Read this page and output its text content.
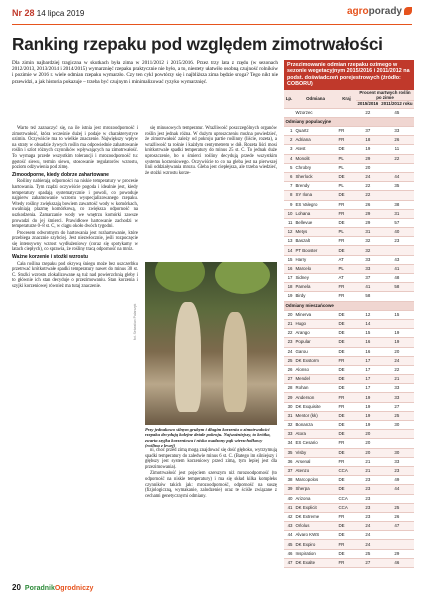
Nr 28 14 lipca 2019	agroporady
Ranking rzepaku pod względem zimotrwałości
Dla zimin najbardziej tragiczna w skutkach była zima w 2011/2012 i 2015/2016. Przez trzy lata z rzędu (w sezonach 2012/2013, 2013/2014 i 2014/2015) wymarznięć rzepaku praktycznie nie było, a to, niestety ułatwiło osobną czujność rolników i pozimie w 2016 r. wiele odmian rzepaku wymarzło. Czy ten cykl powtórzy się i najbliższa zima będzie sroga? Tego nikt nie przewidzi, a jak historia pokazuje – trzeba być czujnym i minimalizować ryzyko wymarznięć.

Warto też zaznaczyć się, na ile istnia jest mrozoodporność i zimotrwałość, która wcześnie dużej i podaje w charakterystyce ozimin. Oczywiście ma to wielkie znaczenie. Największy wpływ na straty w obsadzie żywych roślin ma odpowiednie zahartowanie roślin i szlot różnych czynników wpływających na zimotrwałość. To wymaga przede wszystkim tolerancji i mrozoodporność tu: gęstość siewu, termin siewu, stosowanie regulatorów wzrostu, poziom odżywienia pod zimę.

Zimoodporne, kiedy dobrze zahartowane

Rośliny nabierają odporności na niskie temperatury w procesie hartowania. Tym rządzi oczywiście pogoda i idealnie jest, kiedy temperatury spadają systematycznie i powoli, co powoduje najpierw zahamowanie wzrostu wyspecjalizowanego rzepaku. Wtedy rośliny zwiększają bowiem zawartość wody w komórkach, uwalniają plazmę komórkową, co zwiększa odporność na uszkodzenia. Zamarzanie wody we wnętrzu komórki zawsze prowadzi do jej śmierci. Prawidłowe hartowanie zachodzi w temperaturze 0–8 st. C, w ciągu około dwóch tygodni.

Procesem odwrotnym do hartowania jest rozhartowanie, które przebiega znacznie szybciej. Jest niezwłocznie, jeśli rozpoczęcie się intensywny wzrost wydłużeniowy (coraz się spotykamy w latach ciepłych), co sprawia, że rośliny tracą odporność na mróz.

Ważne korzenie i stożki wzrostu

Cała roślina rzepaku pod okrywą śniegu może bez uszczerbku przetrwać krótkotrwałe spadki temperatury nawet do minus 30 st. C. Stożki wzrostu zlokalizowane są tuż nad powierzchnią gleby i to głównie ich stan decyduje o przezimowaniu. Stan korzenia i szyjki korzeniowej również ma tutaj znaczenie.

się minusowych temperatur. Wrażliwość poszczególnych organów roślin jest jednak różna. W dużym uproszczeniu można powiedzieć, że zimotrwałość zależy od pokroju partie roślinny (liście, rozeta), a wrażliwość ta rośnie i każdym centymetrem w dół. Rozeta liści mosi krótkotrwale spadki temperatury do minus 25 st. C. To jednak duże uproszczenie, bo o śmierci rośliny decydują przede wszystkim systemu korzeniowego. Oczywiście to co na gleba jest na pierwszej linii oddziaływania mrozu. Gleba jest ciepłejsza, ale trzeba wiedzieć, że stożki wzrostu korze-

fot. Sebastian Palarczyk
Przy jednakowo silnym grubym i długim korzeniu o zimotrwałości rzepaku decydują kolejne detale pokroju. Najważniejszy, to krótka, zwarta szyjka korzeniowa i niska osadzony pąk wierzchołkowy (roślina z lewej)

ni, choć przed zimą mogą znajdować się dość głęboko, wytrzymują spadki temperatury do zaledwie minus 6 st. C. (Batego im silniejszy i głębszy jest system korzeniowy przed zimą, tym lepiej jest dla przezimowania).

Zimotrwałość jest pojęciem szerszym niż mrozoodporność (to odporność na niskie temperatury) i ma się skład kilka kompleks czynników takich jak: mrozoodporność, odporność na suszę (fizjologiczną, wymakanie, zalodzenie) oraz te ściśle związane z cechami genetycznymi odmiany.

Przezimowanie odmian rzepaku ozimego w sezonie wegetacyjnym 2015/2016 i 2011/2012 na podst. doświadczeń porejestrowych (źródło: COBORU)
Lp.	Odmiana	Kraj	Procent martwych roślin po zimie	
			2015/2016	2011/2012 roku
	Wzorzec		22	45
Odmiany populacyjne				
1	Quartz	FR	37	33
2	Adriana	FR	18	26
3	Atest	DE	19	11
4	Monolit	PL	29	22
5	Chrobry	PL	20	
6	Sherlock	DE	24	44
7	Brendy	PL	22	35
8	SY Ilona	DE	22	
9	ES Valegro	FR	26	38
10	Lohana	FR	29	31
11	Bellevue	DE	29	57
12	Metys	PL	31	40
13	Baszalt	FR	32	23
14	PT Booster	DE	32	
15	Harry	AT	33	43
16	Marcelo	PL	33	41
17	Sidney	AT	37	48
18	Pamela	FR	41	58
19	Birdy	FR	58	
Odmiany mieszańcowe				
20	Minerva	DE	12	15
21	Hugo	DE	14	
22	Arango	DE	15	19
23	Popular	DE	16	19
24	Garou	DE	16	20
25	DK Exstorm	FR	17	24
26	Alonso	DE	17	22
27	Mendel	DE	17	21
28	Rohan	DE	17	33
29	Anderson	FR	19	33
30	DK Exquisite	FR	19	27
31	Mentor (kk)	DE	19	25
32	Bonanza	DE	19	30
33	Atora	DE	20	
34	ES Cesario	FR	20	
35	Visby	DE	20	30
36	Arsenal	FR	21	33
37	Atenzo	CCA	21	23
38	Marcopolos	DE	23	49
39	Sherpa	DE	23	44
40	Arizona	CCA	23	
41	DK Explicit	CCA	23	25
42	DK Extreme	FR	23	26
43	Orlolus	DE	24	47
44	Alvaro KWS	DE	24	
45	DK Expiro	FR	24	
46	Inspiration	DE	25	29
47	DK Exalte	FR	27	46
20 PoradnikOgrodniczy
